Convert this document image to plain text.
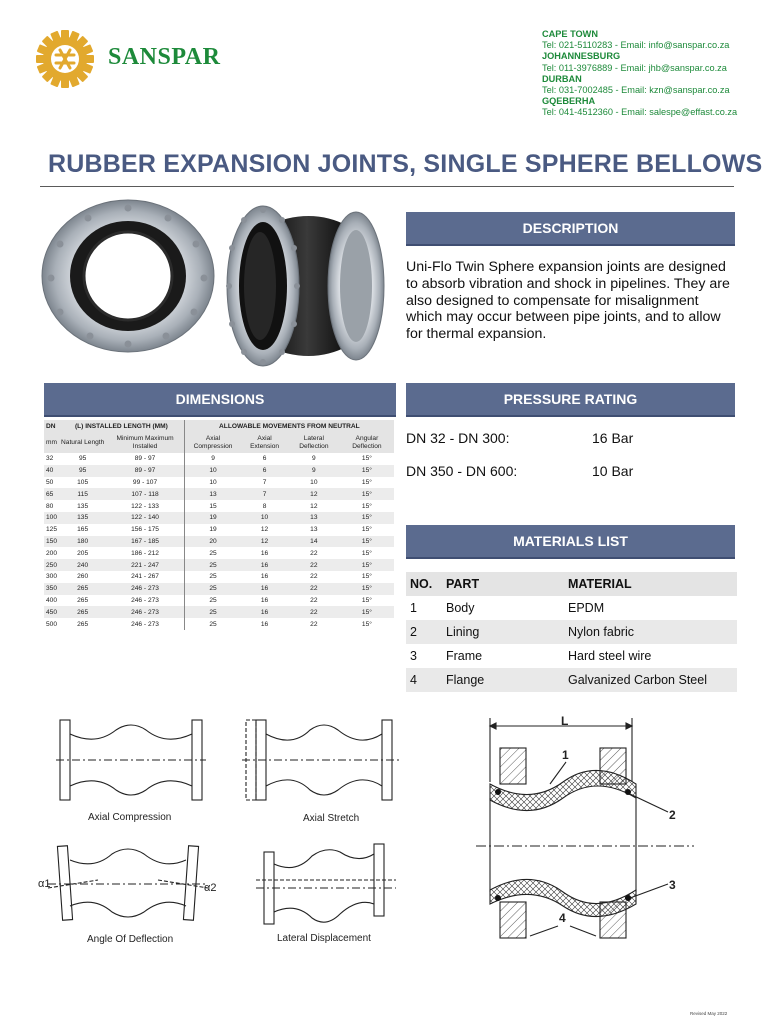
SANSPAR
CAPE TOWN
Tel: 021-5110283 - Email: info@sanspar.co.za
JOHANNESBURG
Tel: 011-3976889 - Email: jhb@sanspar.co.za
DURBAN
Tel: 031-7002485 - Email: kzn@sanspar.co.za
GQEBERHA
Tel: 041-4512360 - Email: salespe@effast.co.za
RUBBER EXPANSION JOINTS, SINGLE SPHERE BELLOWS
DESCRIPTION
Uni-Flo Twin Sphere expansion joints are designed to absorb vibration and shock in pipelines. They are also designed to compensate for misalignment which may occur between pipe joints, and to allow for thermal expansion.
DIMENSIONS
DN	(L) INSTALLED LENGTH (MM)		ALLOWABLE MOVEMENTS FROM NEUTRAL			
mm	Natural Length	Minimum Maximum Installed	Axial Compression	Axial Extension	Lateral Deflection	Angular Deflection
32	95	89 - 97	9	6	9	15°
40	95	89 - 97	10	6	9	15°
50	105	99 - 107	10	7	10	15°
65	115	107 - 118	13	7	12	15°
80	135	122 - 133	15	8	12	15°
100	135	122 - 140	19	10	13	15°
125	165	156 - 175	19	12	13	15°
150	180	167 - 185	20	12	14	15°
200	205	186 - 212	25	16	22	15°
250	240	221 - 247	25	16	22	15°
300	260	241 - 267	25	16	22	15°
350	265	246 - 273	25	16	22	15°
400	265	246 - 273	25	16	22	15°
450	265	246 - 273	25	16	22	15°
500	265	246 - 273	25	16	22	15°
PRESSURE RATING
DN 32 - DN 300:	16 Bar
DN 350 - DN 600:	10 Bar
MATERIALS LIST
NO.	PART	MATERIAL
1	Body	EPDM
2	Lining	Nylon fabric
3	Frame	Hard steel wire
4	Flange	Galvanized Carbon Steel
Axial Compression	Axial Stretch
α1	α2
Angle Of Deflection	Lateral Displacement
L
1
2
3
4
Revised May 2022
